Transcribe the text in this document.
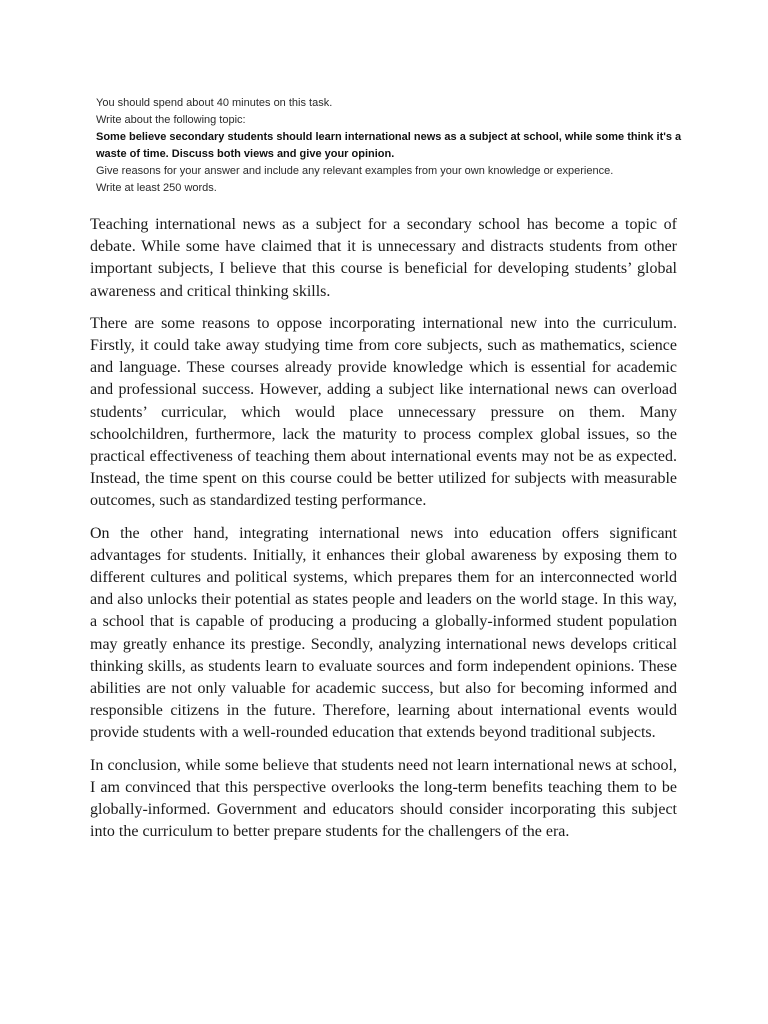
You should spend about 40 minutes on this task.
Write about the following topic:
Some believe secondary students should learn international news as a subject at school, while some think it's a waste of time. Discuss both views and give your opinion.
Give reasons for your answer and include any relevant examples from your own knowledge or experience.
Write at least 250 words.

Teaching international news as a subject for a secondary school has become a topic of debate. While some have claimed that it is unnecessary and distracts students from other important subjects, I believe that this course is beneficial for developing students’ global awareness and critical thinking skills.

There are some reasons to oppose incorporating international new into the curriculum. Firstly, it could take away studying time from core subjects, such as mathematics, science and language. These courses already provide knowledge which is essential for academic and professional success. However, adding a subject like international news can overload students’ curricular, which would place unnecessary pressure on them. Many schoolchildren, furthermore, lack the maturity to process complex global issues, so the practical effectiveness of teaching them about international events may not be as expected. Instead, the time spent on this course could be better utilized for subjects with measurable outcomes, such as standardized testing performance.

On the other hand, integrating international news into education offers significant advantages for students. Initially, it enhances their global awareness by exposing them to different cultures and political systems, which prepares them for an interconnected world and also unlocks their potential as states people and leaders on the world stage. In this way, a school that is capable of producing a producing a globally-informed student population may greatly enhance its prestige. Secondly, analyzing international news develops critical thinking skills, as students learn to evaluate sources and form independent opinions. These abilities are not only valuable for academic success, but also for becoming informed and responsible citizens in the future. Therefore, learning about international events would provide students with a well-rounded education that extends beyond traditional subjects.

In conclusion, while some believe that students need not learn international news at school, I am convinced that this perspective overlooks the long-term benefits teaching them to be globally-informed. Government and educators should consider incorporating this subject into the curriculum to better prepare students for the challengers of the era.
